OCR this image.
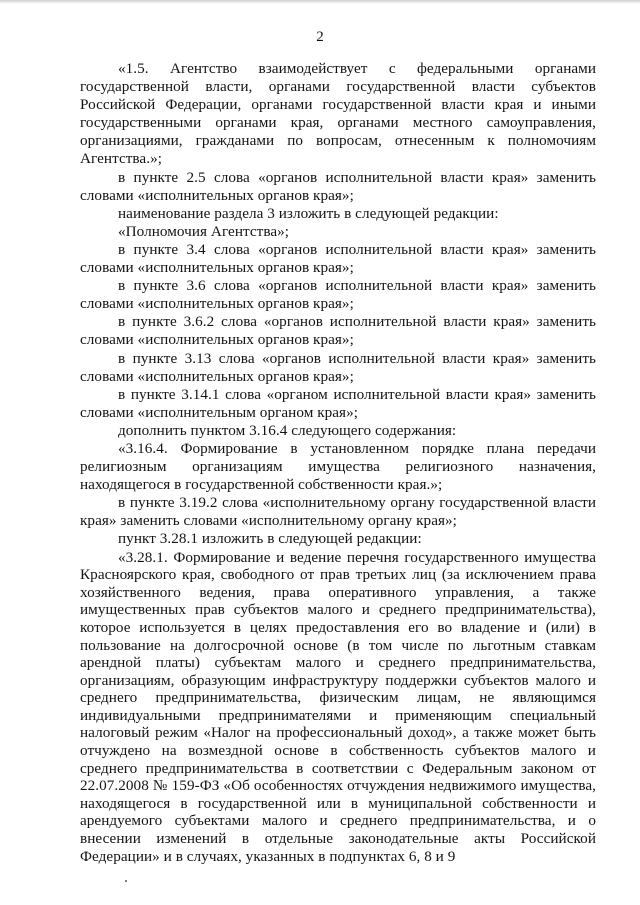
2

«1.5. Агентство взаимодействует с федеральными органами государственной власти, органами государственной власти субъектов Российской Федерации, органами государственной власти края и иными государственными органами края, органами местного самоуправления, организациями, гражданами по вопросам, отнесенным к полномочиям Агентства.»;

в пункте 2.5 слова «органов исполнительной власти края» заменить словами «исполнительных органов края»;

наименование раздела 3 изложить в следующей редакции:

«Полномочия Агентства»;

в пункте 3.4 слова «органов исполнительной власти края» заменить словами «исполнительных органов края»;

в пункте 3.6 слова «органов исполнительной власти края» заменить словами «исполнительных органов края»;

в пункте 3.6.2 слова «органов исполнительной власти края» заменить словами «исполнительных органов края»;

в пункте 3.13 слова «органов исполнительной власти края» заменить словами «исполнительных органов края»;

в пункте 3.14.1 слова «органом исполнительной власти края» заменить словами «исполнительным органом края»;

дополнить пунктом 3.16.4 следующего содержания:

«3.16.4. Формирование в установленном порядке плана передачи религиозным организациям имущества религиозного назначения, находящегося в государственной собственности края.»;

в пункте 3.19.2 слова «исполнительному органу государственной власти края» заменить словами «исполнительному органу края»;

пункт 3.28.1 изложить в следующей редакции:

«3.28.1. Формирование и ведение перечня государственного имущества Красноярского края, свободного от прав третьих лиц (за исключением права хозяйственного ведения, права оперативного управления, а также имущественных прав субъектов малого и среднего предпринимательства), которое используется в целях предоставления его во владение и (или) в пользование на долгосрочной основе (в том числе по льготным ставкам арендной платы) субъектам малого и среднего предпринимательства, организациям, образующим инфраструктуру поддержки субъектов малого и среднего предпринимательства, физическим лицам, не являющимся индивидуальными предпринимателями и применяющим специальный налоговый режим «Налог на профессиональный доход», а также может быть отчуждено на возмездной основе в собственность субъектов малого и среднего предпринимательства в соответствии с Федеральным законом от 22.07.2008 № 159-ФЗ «Об особенностях отчуждения недвижимого имущества, находящегося в государственной или в муниципальной собственности и арендуемого субъектами малого и среднего предпринимательства, и о внесении изменений в отдельные законодательные акты Российской Федерации» и в случаях, указанных в подпунктах 6, 8 и 9
